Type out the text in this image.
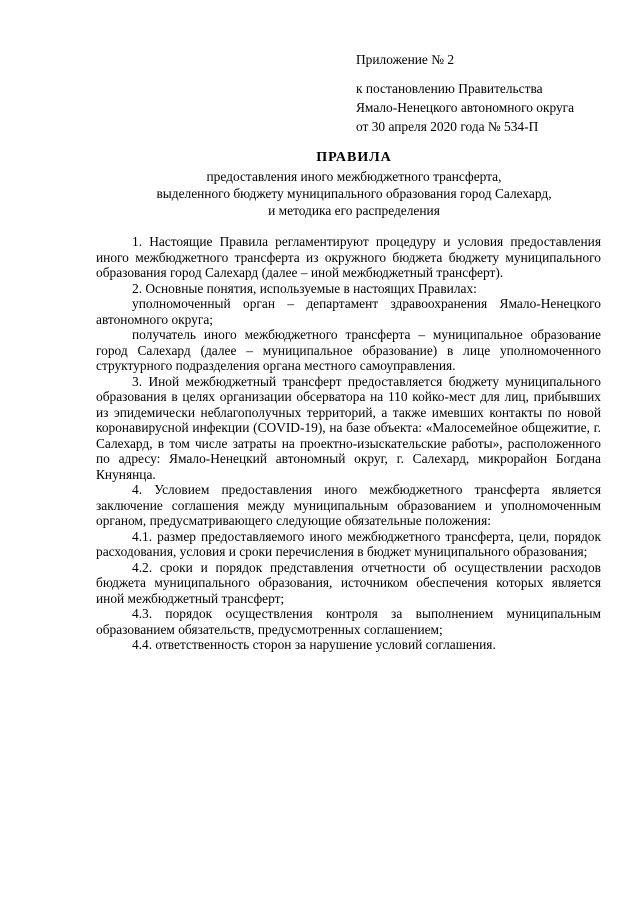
Приложение № 2
к постановлению Правительства
Ямало-Ненецкого автономного округа
от 30 апреля 2020 года № 534-П
ПРАВИЛА
предоставления иного межбюджетного трансферта,
выделенного бюджету муниципального образования город Салехард,
и методика его распределения

1. Настоящие Правила регламентируют процедуру и условия предоставления иного межбюджетного трансферта из окружного бюджета бюджету муниципального образования город Салехард (далее – иной межбюджетный трансферт).

2. Основные понятия, используемые в настоящих Правилах:

уполномоченный орган – департамент здравоохранения Ямало-Ненецкого автономного округа;

получатель иного межбюджетного трансферта – муниципальное образование город Салехард (далее – муниципальное образование) в лице уполномоченного структурного подразделения органа местного самоуправления.

3. Иной межбюджетный трансферт предоставляется бюджету муниципального образования в целях организации обсерватора на 110 койко-мест для лиц, прибывших из эпидемически неблагополучных территорий, а также имевших контакты по новой коронавирусной инфекции (COVID-19), на базе объекта: «Малосемейное общежитие, г. Салехард, в том числе затраты на проектно-изыскательские работы», расположенного по адресу: Ямало-Ненецкий автономный округ, г. Салехард, микрорайон Богдана Кнунянца.

4. Условием предоставления иного межбюджетного трансферта является заключение соглашения между муниципальным образованием и уполномоченным органом, предусматривающего следующие обязательные положения:

4.1. размер предоставляемого иного межбюджетного трансферта, цели, порядок расходования, условия и сроки перечисления в бюджет муниципального образования;

4.2. сроки и порядок представления отчетности об осуществлении расходов бюджета муниципального образования, источником обеспечения которых является иной межбюджетный трансферт;

4.3. порядок осуществления контроля за выполнением муниципальным образованием обязательств, предусмотренных соглашением;

4.4. ответственность сторон за нарушение условий соглашения.
